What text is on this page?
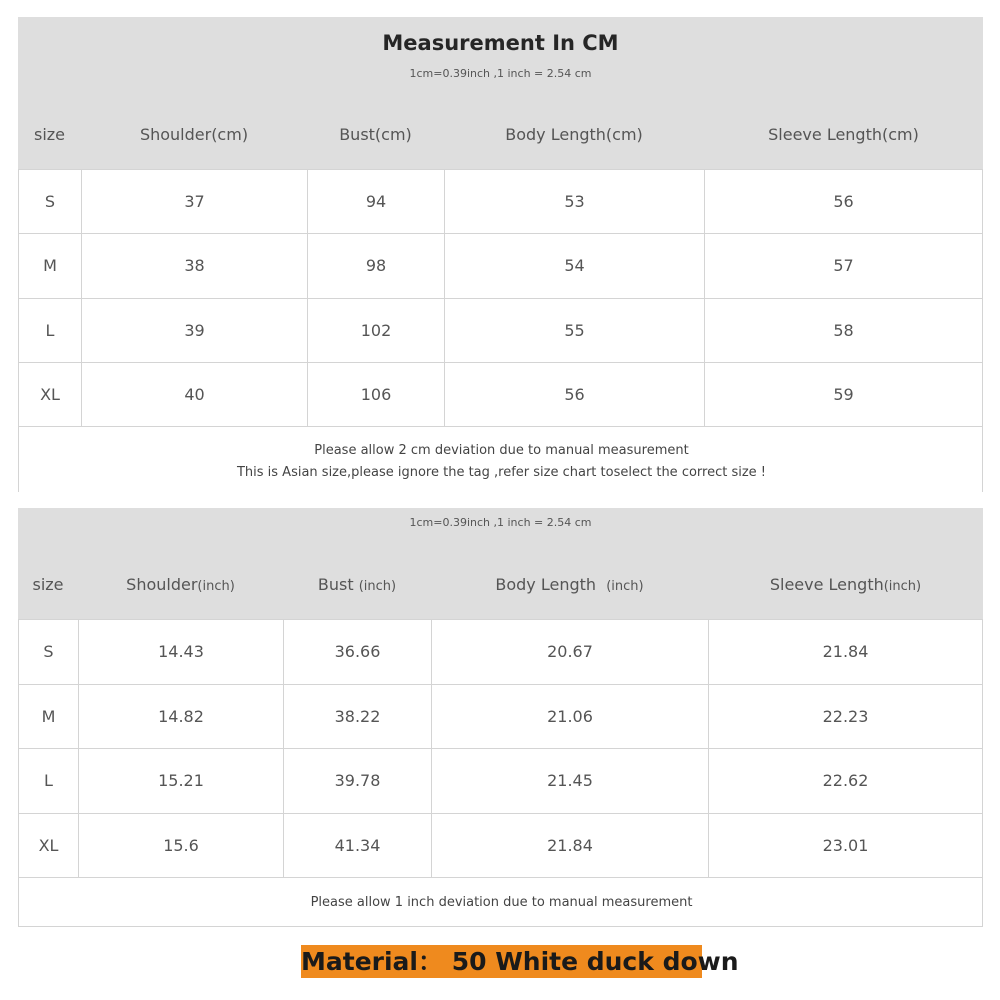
Measurement In CM
1cm=0.39inch ,1 inch = 2.54 cm
size	Shoulder(cm)	Bust(cm)	Body Length(cm)	Sleeve Length(cm)
S	37	94	53	56
M	38	98	54	57
L	39	102	55	58
XL	40	106	56	59
Please allow 2 cm deviation due to manual measurement
This is Asian size,please ignore the tag ,refer size chart toselect the correct size !
1cm=0.39inch ,1 inch = 2.54 cm
size	Shoulder(inch)	Bust (inch)	Body Length  (inch)	Sleeve Length(inch)
S	14.43	36.66	20.67	21.84
M	14.82	38.22	21.06	22.23
L	15.21	39.78	21.45	22.62
XL	15.6	41.34	21.84	23.01
Please allow 1 inch deviation due to manual measurement
Material： 50 White duck down
